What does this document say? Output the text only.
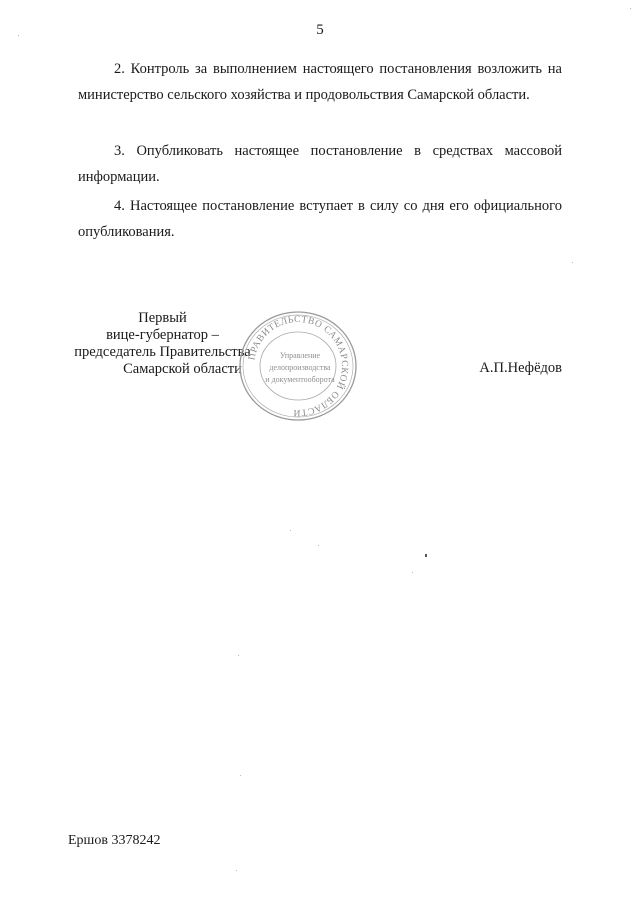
5

2. Контроль за выполнением настоящего постановления возложить на министерство сельского хозяйства и продовольствия Самарской области.

3. Опубликовать настоящее постановление в средствах массовой информации.

4. Настоящее постановление вступает в силу со дня его официального опубликования.

Первый
вице-губернатор –
председатель Правительства
Самарской области
ПРАВИТЕЛЬСТВО САМАРСКОЙ ОБЛАСТИ
Управление
делопроизводства
и документооборота
А.П.Нефёдов
Ершов 3378242
